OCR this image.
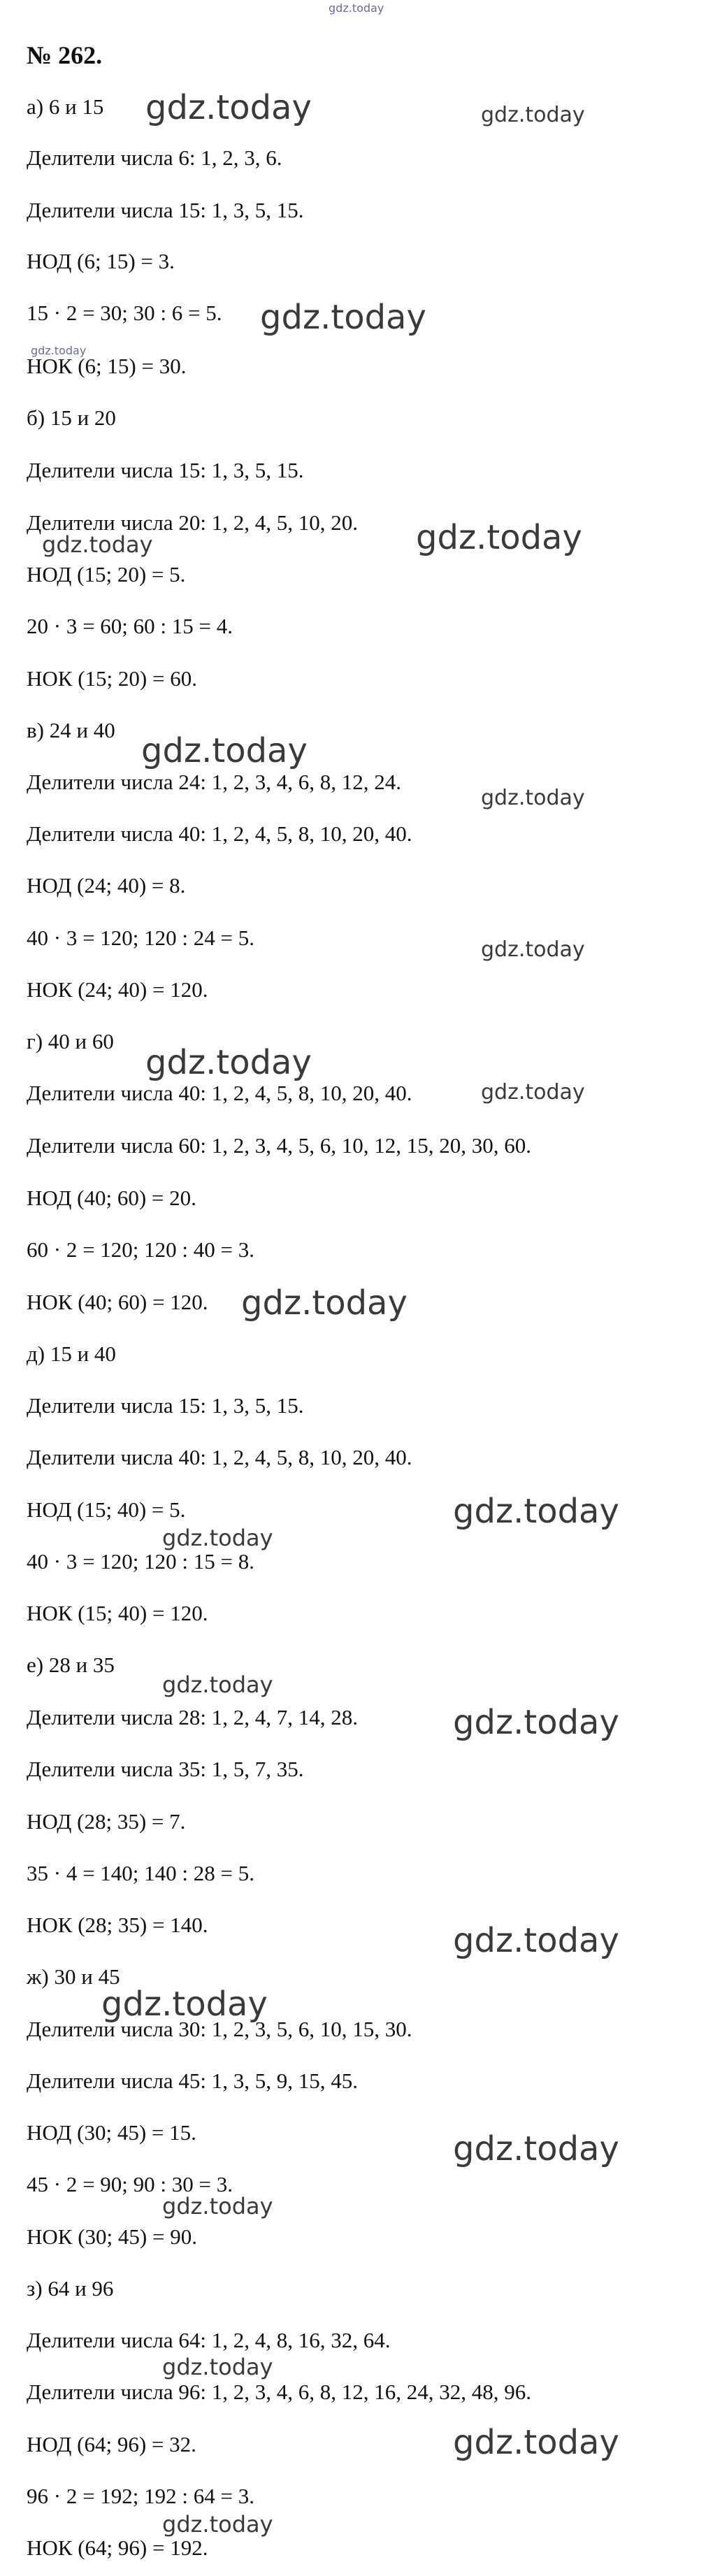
gdz.today
№ 262.
а) 6 и 15
Делители числа 6: 1, 2, 3, 6.
Делители числа 15: 1, 3, 5, 15.
НОД (6; 15) = 3.
15 · 2 = 30; 30 : 6 = 5.
НОК (6; 15) = 30.
б) 15 и 20
Делители числа 15: 1, 3, 5, 15.
Делители числа 20: 1, 2, 4, 5, 10, 20.
НОД (15; 20) = 5.
20 · 3 = 60; 60 : 15 = 4.
НОК (15; 20) = 60.
в) 24 и 40
Делители числа 24: 1, 2, 3, 4, 6, 8, 12, 24.
Делители числа 40: 1, 2, 4, 5, 8, 10, 20, 40.
НОД (24; 40) = 8.
40 · 3 = 120; 120 : 24 = 5.
НОК (24; 40) = 120.
г) 40 и 60
Делители числа 40: 1, 2, 4, 5, 8, 10, 20, 40.
Делители числа 60: 1, 2, 3, 4, 5, 6, 10, 12, 15, 20, 30, 60.
НОД (40; 60) = 20.
60 · 2 = 120; 120 : 40 = 3.
НОК (40; 60) = 120.
д) 15 и 40
Делители числа 15: 1, 3, 5, 15.
Делители числа 40: 1, 2, 4, 5, 8, 10, 20, 40.
НОД (15; 40) = 5.
40 · 3 = 120; 120 : 15 = 8.
НОК (15; 40) = 120.
е) 28 и 35
Делители числа 28: 1, 2, 4, 7, 14, 28.
Делители числа 35: 1, 5, 7, 35.
НОД (28; 35) = 7.
35 · 4 = 140; 140 : 28 = 5.
НОК (28; 35) = 140.
ж) 30 и 45
Делители числа 30: 1, 2, 3, 5, 6, 10, 15, 30.
Делители числа 45: 1, 3, 5, 9, 15, 45.
НОД (30; 45) = 15.
45 · 2 = 90; 90 : 30 = 3.
НОК (30; 45) = 90.
з) 64 и 96
Делители числа 64: 1, 2, 4, 8, 16, 32, 64.
Делители числа 96: 1, 2, 3, 4, 6, 8, 12, 16, 24, 32, 48, 96.
НОД (64; 96) = 32.
96 · 2 = 192; 192 : 64 = 3.
НОК (64; 96) = 192.
gdz.today	gdz.today
gdz.today
gdz.today
gdz.today
gdz.today
gdz.today
gdz.today
gdz.today
gdz.today
gdz.today
gdz.today
gdz.today
gdz.today
gdz.today
gdz.today
gdz.today
gdz.today
gdz.today
gdz.today
gdz.today
gdz.today
gdz.today
